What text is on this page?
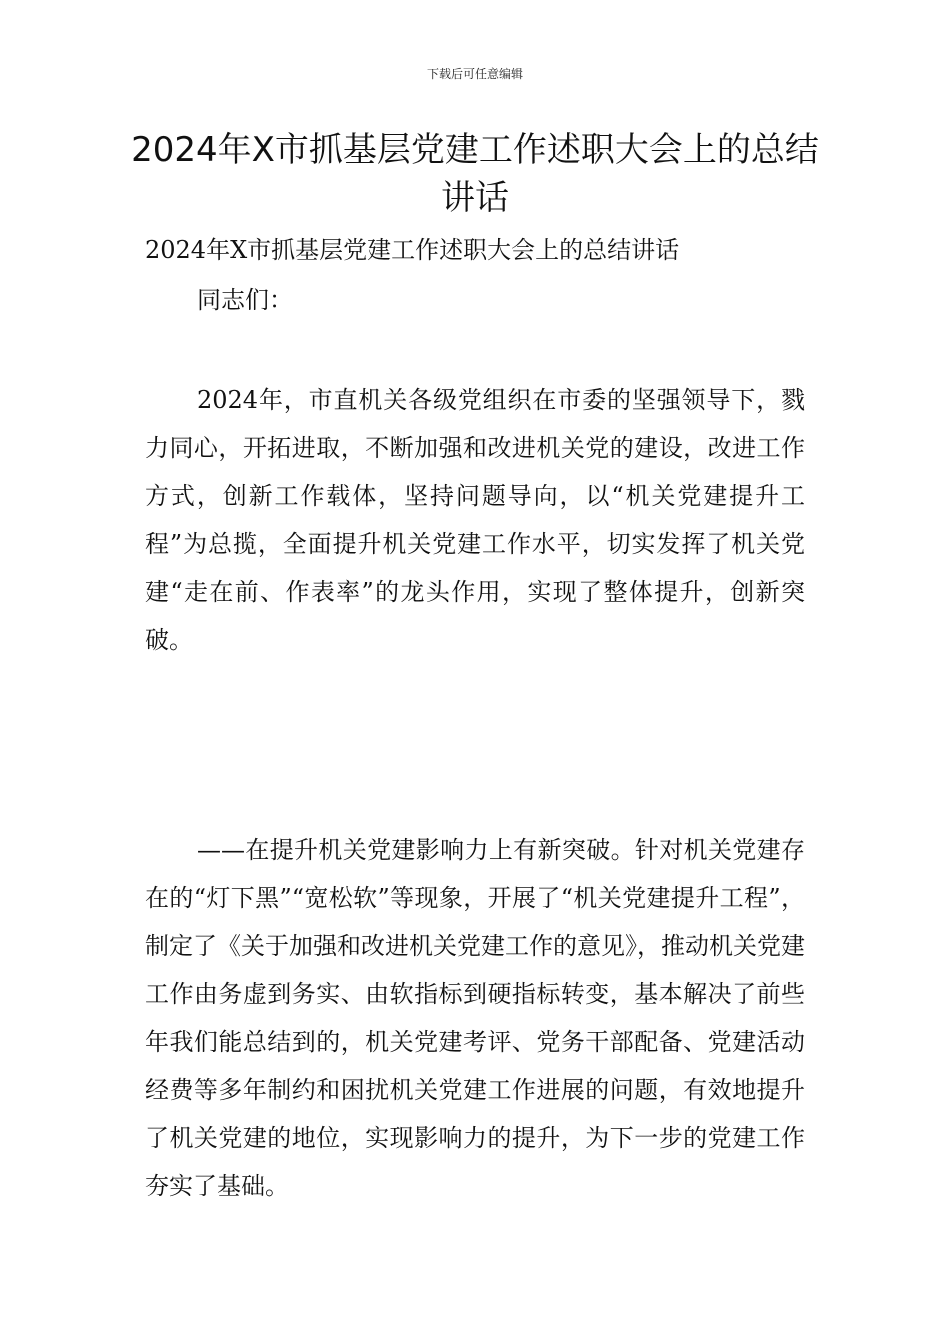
下载后可任意编辑
2024年X市抓基层党建工作述职大会上的总结讲话

2024年X市抓基层党建工作述职大会上的总结讲话

同志们：

2024年，市直机关各级党组织在市委的坚强领导下，戮力同心，开拓进取，不断加强和改进机关党的建设，改进工作方式，创新工作载体，坚持问题导向，以“机关党建提升工程”为总揽，全面提升机关党建工作水平，切实发挥了机关党建“走在前、作表率”的龙头作用，实现了整体提升，创新突破。

——在提升机关党建影响力上有新突破。针对机关党建存在的“灯下黑”“宽松软”等现象，开展了“机关党建提升工程”，制定了《关于加强和改进机关党建工作的意见》，推动机关党建工作由务虚到务实、由软指标到硬指标转变，基本解决了前些年我们能总结到的，机关党建考评、党务干部配备、党建活动经费等多年制约和困扰机关党建工作进展的问题，有效地提升了机关党建的地位，实现影响力的提升，为下一步的党建工作夯实了基础。
